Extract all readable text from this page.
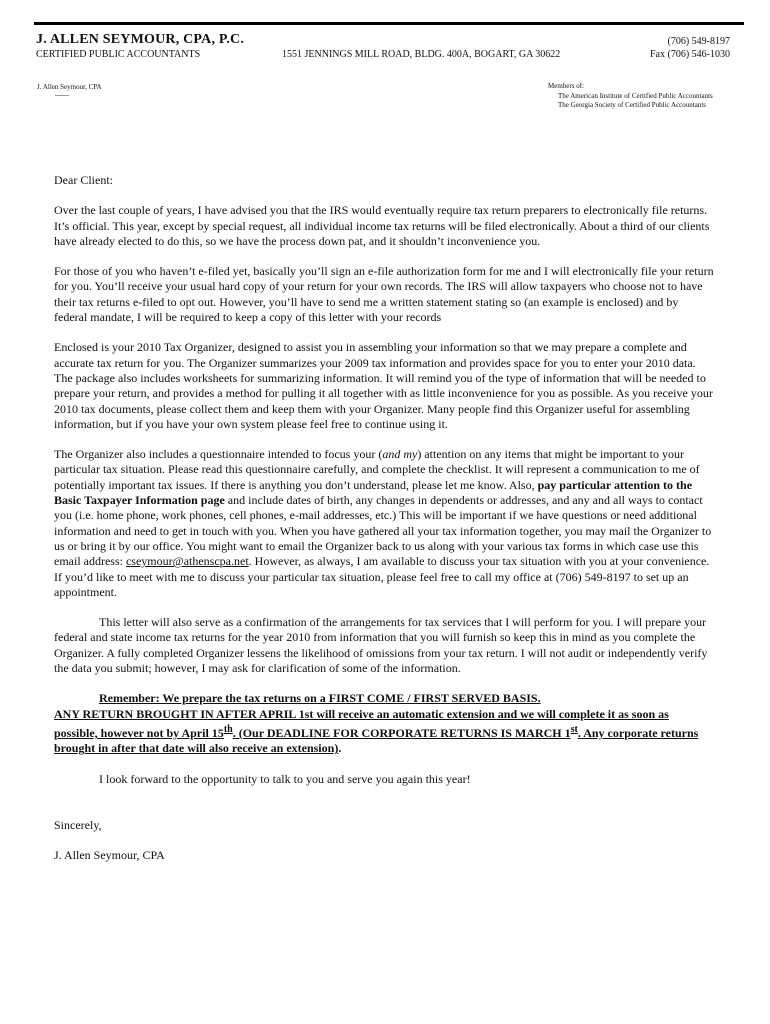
J. ALLEN SEYMOUR, CPA, P.C.
CERTIFIED PUBLIC ACCOUNTANTS	1551 JENNINGS MILL ROAD, BLDG. 400A, BOGART, GA 30622
(706) 549-8197
Fax (706) 546-1030
J. Allen Seymour, CPA	Members of:
The American Institute of Certified Public Accountants
The Georgia Society of Certified Public Accountants

Dear Client:

Over the last couple of years, I have advised you that the IRS would eventually require tax return preparers to electronically file returns. It’s official. This year, except by special request, all individual income tax returns will be filed electronically. About a third of our clients have already elected to do this, so we have the process down pat, and it shouldn’t inconvenience you.

For those of you who haven’t e-filed yet, basically you’ll sign an e-file authorization form for me and I will electronically file your return for you. You’ll receive your usual hard copy of your return for your own records. The IRS will allow taxpayers who choose not to have their tax returns e-filed to opt out. However, you’ll have to send me a written statement stating so (an example is enclosed) and by federal mandate, I will be required to keep a copy of this letter with your records

Enclosed is your 2010 Tax Organizer, designed to assist you in assembling your information so that we may prepare a complete and accurate tax return for you. The Organizer summarizes your 2009 tax information and provides space for you to enter your 2010 data. The package also includes worksheets for summarizing information. It will remind you of the type of information that will be needed to prepare your return, and provides a method for pulling it all together with as little inconvenience for you as possible. As you receive your 2010 tax documents, please collect them and keep them with your Organizer. Many people find this Organizer useful for assembling information, but if you have your own system please feel free to continue using it.

The Organizer also includes a questionnaire intended to focus your (and my) attention on any items that might be important to your particular tax situation. Please read this questionnaire carefully, and complete the checklist. It will represent a communication to me of potentially important tax issues. If there is anything you don’t understand, please let me know. Also, pay particular attention to the Basic Taxpayer Information page and include dates of birth, any changes in dependents or addresses, and any and all ways to contact you (i.e. home phone, work phones, cell phones, e-mail addresses, etc.) This will be important if we have questions or need additional information and need to get in touch with you. When you have gathered all your tax information together, you may mail the Organizer to us or bring it by our office. You might want to email the Organizer back to us along with your various tax forms in which case use this email address: cseymour@athenscpa.net. However, as always, I am available to discuss your tax situation with you at your convenience. If you’d like to meet with me to discuss your particular tax situation, please feel free to call my office at (706) 549-8197 to set up an appointment.

This letter will also serve as a confirmation of the arrangements for tax services that I will perform for you. I will prepare your federal and state income tax returns for the year 2010 from information that you will furnish so keep this in mind as you complete the Organizer. A fully completed Organizer lessens the likelihood of omissions from your tax return. I will not audit or independently verify the data you submit; however, I may ask for clarification of some of the information.

Remember: We prepare the tax returns on a FIRST COME / FIRST SERVED BASIS.
ANY RETURN BROUGHT IN AFTER APRIL 1st will receive an automatic extension and we will complete it as soon as possible, however not by April 15th. (Our DEADLINE FOR CORPORATE RETURNS IS MARCH 1st. Any corporate returns brought in after that date will also receive an extension).

I look forward to the opportunity to talk to you and serve you again this year!

Sincerely,

J. Allen Seymour, CPA
